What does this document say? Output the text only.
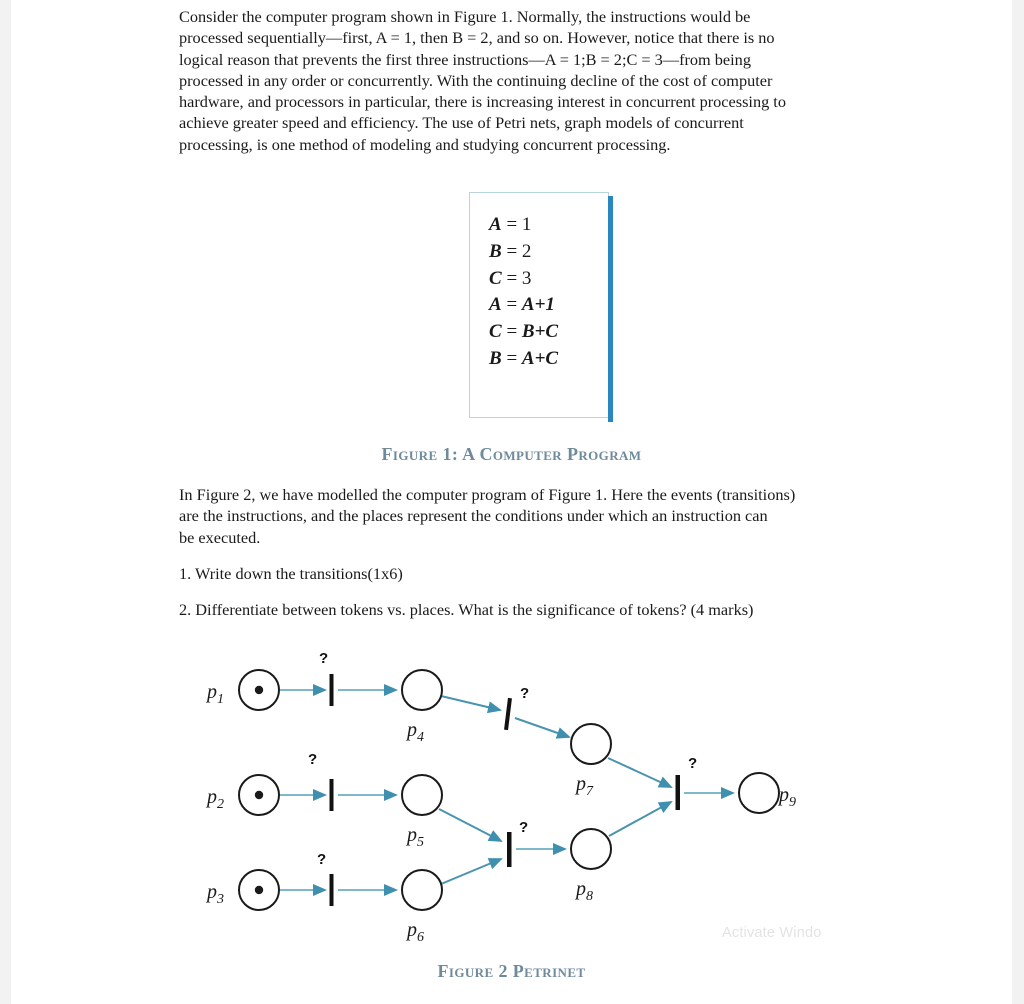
Consider the computer program shown in Figure 1. Normally, the instructions would be
processed sequentially—first, A = 1, then B = 2, and so on. However, notice that there is no
logical reason that prevents the first three instructions—A = 1;B = 2;C = 3—from being
processed in any order or concurrently. With the continuing decline of the cost of computer
hardware, and processors in particular, there is increasing interest in concurrent processing to
achieve greater speed and efficiency. The use of Petri nets, graph models of concurrent
processing, is one method of modeling and studying concurrent processing.
A = 1
B = 2
C = 3
A = A+1
C = B+C
B = A+C
Figure 1: A Computer Program
In Figure 2, we have modelled the computer program of Figure 1. Here the events (transitions)
are the instructions, and the places represent the conditions under which an instruction can
be executed.
1. Write down the transitions(1x6)
2. Differentiate between tokens vs. places. What is the significance of tokens? (4 marks)
$p_1$
$p_2$
$p_3$
$p_4$
$p_5$
$p_6$
$p_7$
$p_8$
$p_9$
?
?
?
?
?
?
Activate Windo
Figure 2 Petrinet
